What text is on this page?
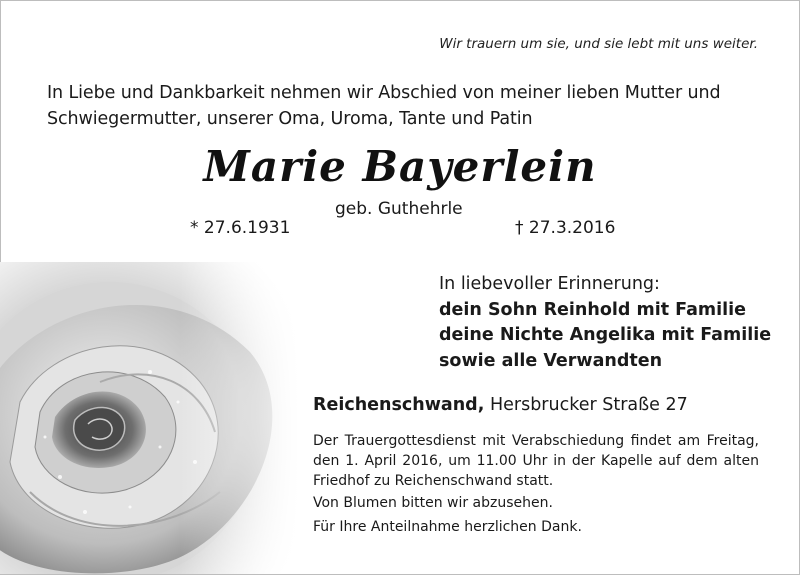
Wir trauern um sie, und sie lebt mit uns weiter.
In Liebe und Dankbarkeit nehmen wir Abschied von meiner lieben Mutter und Schwiegermutter, unserer Oma, Uroma, Tante und Patin
Marie Bayerlein
geb. Guthehrle
* 27.6.1931	† 27.3.2016
In liebevoller Erinnerung:
dein Sohn Reinhold mit Familie
deine Nichte Angelika mit Familie
sowie alle Verwandten
Reichenschwand, Hersbrucker Straße 27
Der Trauergottesdienst mit Verabschiedung findet am Freitag, den 1. April 2016, um 11.00 Uhr in der Kapelle auf dem alten Friedhof zu Reichenschwand statt.
Von Blumen bitten wir abzusehen.
Für Ihre Anteilnahme herzlichen Dank.
